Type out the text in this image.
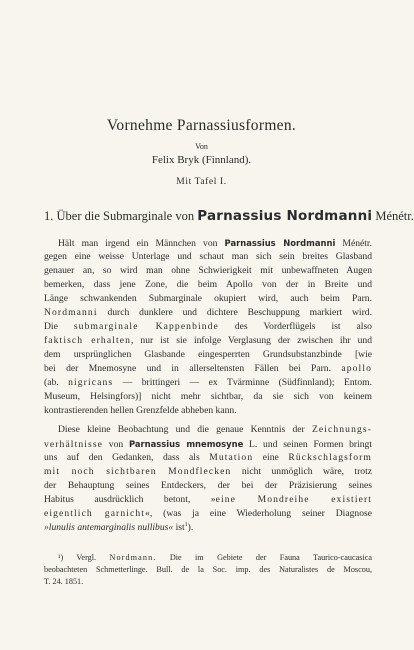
Vornehme Parnassiusformen.
Von
Felix Bryk (Finnland).
Mit Tafel I.
1. Über die Submarginale von Parnassius Nordmanni Ménétr.
Hält man irgend ein Männchen von Parnassius Nordmanni Ménétr.
gegen eine weisse Unterlage und schaut man sich sein breites Glasband
genauer an, so wird man ohne Schwierigkeit mit unbewaffneten Augen
bemerken, dass jene Zone, die beim Apollo von der in Breite und
Länge schwankenden Submarginale okupiert wird, auch beim Parn.
Nordmanni durch dunklere und dichtere Beschuppung markiert wird.
Die submarginale Kappenbinde des Vorderflügels ist also
faktisch erhalten, nur ist sie infolge Verglasung der zwischen ihr und
dem ursprünglichen Glasbande eingesperrten Grundsubstanzbinde [wie
bei der Mnemosyne und in allerseltensten Fällen bei Parn. apollo
(ab. nigricans — brittingeri — ex Tvärminne (Südfinnland); Entom.
Museum, Helsingfors)] nicht mehr sichtbar, da sie sich von keinem
kontrastierenden hellen Grenzfelde abheben kann.
Diese kleine Beobachtung und die genaue Kenntnis der Zeichnungs-
verhältnisse von Parnassius mnemosyne L. und seinen Formen bringt
uns auf den Gedanken, dass als Mutation eine Rückschlagsform
mit noch sichtbaren Mondflecken nicht unmöglich wäre, trotz
der Behauptung seines Entdeckers, der bei der Präzisierung seines
Habitus ausdrücklich betont, »eine Mondreihe existiert
eigentlich garnicht«, (was ja eine Wiederholung seiner Diagnose
»lunulis antemarginalis nullibus« ist$^1$).
¹) Vergl. Nordmann. Die im Gebiete der Fauna Taurico-caucasica
beobachteten Schmetterlinge. Bull. de la Soc. imp. des Naturalistes de Moscou,
T. 24. 1851.
